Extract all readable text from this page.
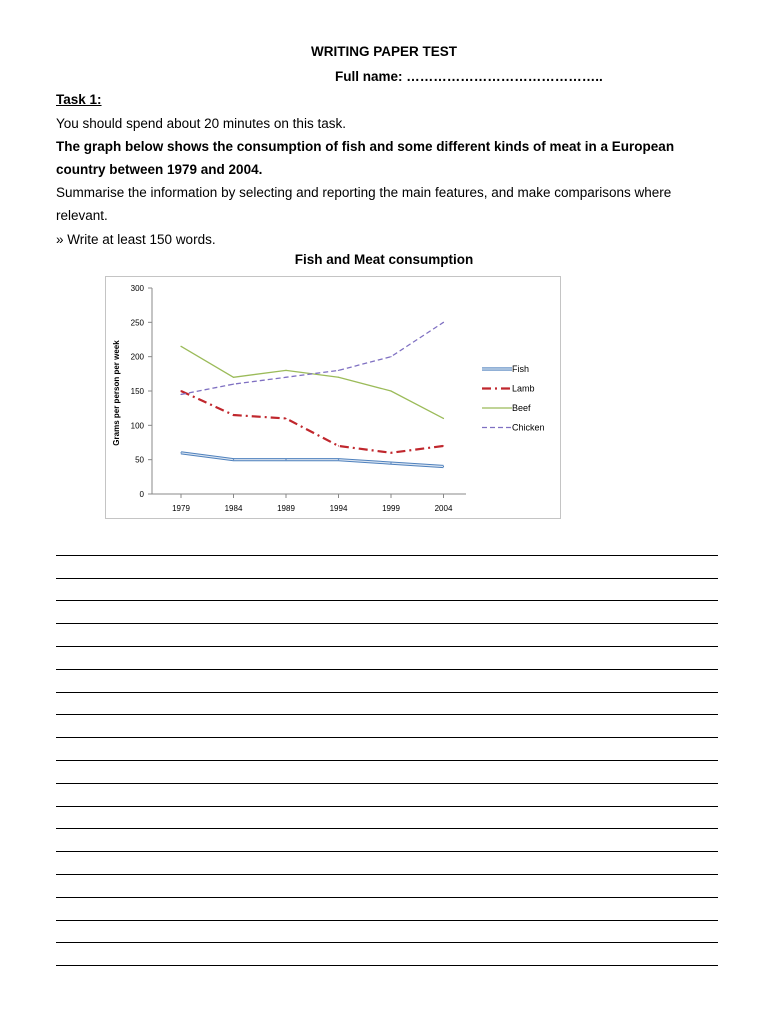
WRITING PAPER TEST
Full name: ……………………………………..
Task 1:
You should spend about 20 minutes on this task.
The graph below shows the consumption of fish and some different kinds of meat in a European country between 1979 and 2004.
Summarise the information by selecting and reporting the main features, and make comparisons where relevant.
» Write at least 150 words.
Fish and Meat consumption
0
50
100
150
200
250
300
1979	1984	1989	1994	1999	2004
Grams per person per week	Fish
Lamb
Beef
Chicken
